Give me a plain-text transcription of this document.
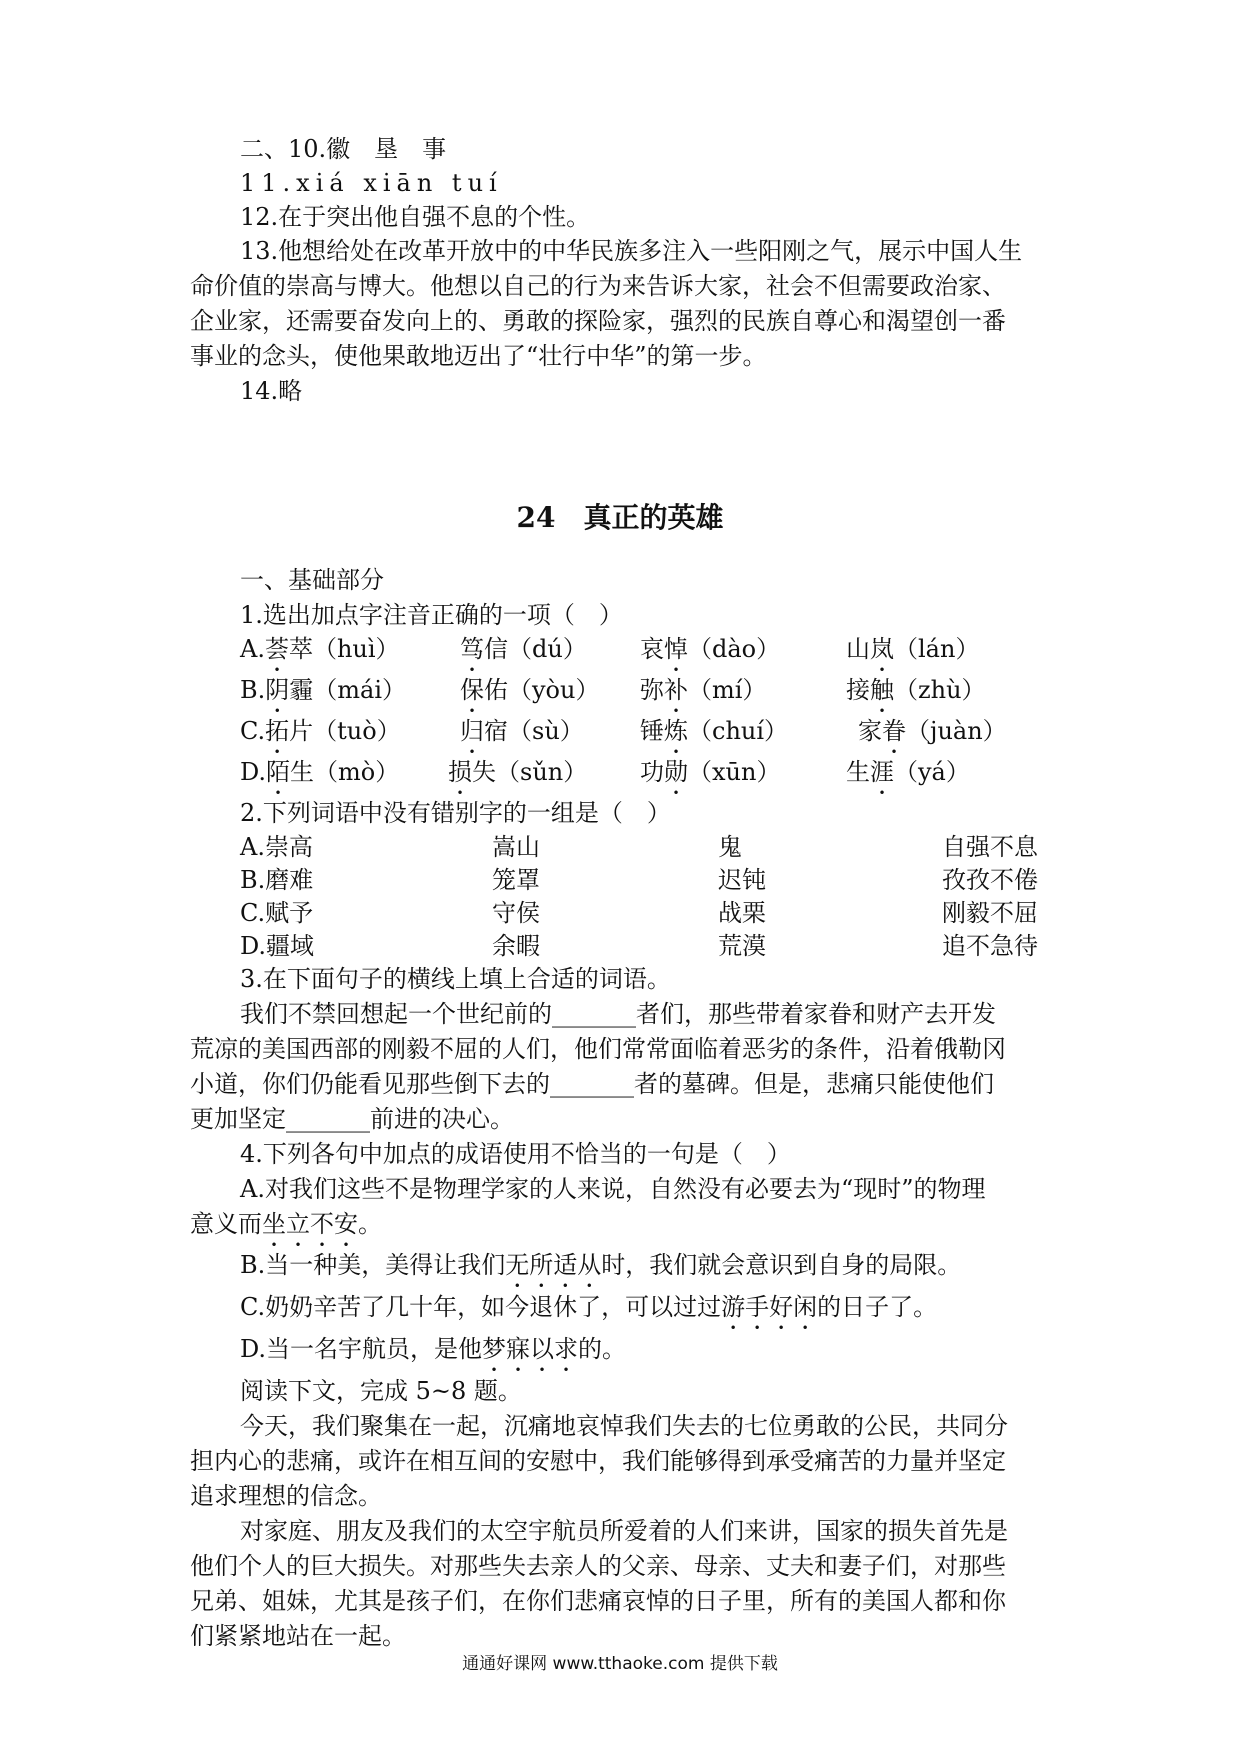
二、10.徽　垦　事
11.xiá xiān tuí
12.在于突出他自强不息的个性。
13.他想给处在改革开放中的中华民族多注入一些阳刚之气，展示中国人生
命价值的崇高与博大。他想以自己的行为来告诉大家，社会不但需要政治家、
企业家，还需要奋发向上的、勇敢的探险家，强烈的民族自尊心和渴望创一番
事业的念头，使他果敢地迈出了“壮行中华”的第一步。
14.略
24　真正的英雄
一、基础部分
1.选出加点字注音正确的一项（　）
A.荟萃（huì）	笃信（dú） 哀悼（dào）	山岚（lán）
B.阴霾（mái） 保佑（yòu） 弥补（mí）	接触（zhù）
C.拓片（tuò） 归宿（sù） 锤炼（chuí）	家眷（juàn）
D.陌生（mò） 损失（sǔn） 功勋（xūn）	生涯（yá）
2.下列词语中没有错别字的一组是（　）
A.崇高	嵩山	鬼	自强不息
B.磨难	笼罩	迟钝	孜孜不倦
C.赋予	守侯	战栗	刚毅不屈
D.疆域	余暇	荒漠	追不急待
3.在下面句子的横线上填上合适的词语。
我们不禁回想起一个世纪前的_______者们，那些带着家眷和财产去开发
荒凉的美国西部的刚毅不屈的人们，他们常常面临着恶劣的条件，沿着俄勒冈
小道，你们仍能看见那些倒下去的_______者的墓碑。但是，悲痛只能使他们
更加坚定_______前进的决心。
4.下列各句中加点的成语使用不恰当的一句是（　）
A.对我们这些不是物理学家的人来说，自然没有必要去为“现时”的物理
意义而坐立不安。
B.当一种美，美得让我们无所适从时，我们就会意识到自身的局限。
C.奶奶辛苦了几十年，如今退休了，可以过过游手好闲的日子了。
D.当一名宇航员，是他梦寐以求的。
阅读下文，完成 5~8 题。
今天，我们聚集在一起，沉痛地哀悼我们失去的七位勇敢的公民，共同分
担内心的悲痛，或许在相互间的安慰中，我们能够得到承受痛苦的力量并坚定
追求理想的信念。
对家庭、朋友及我们的太空宇航员所爱着的人们来讲，国家的损失首先是
他们个人的巨大损失。对那些失去亲人的父亲、母亲、丈夫和妻子们，对那些
兄弟、姐妹，尤其是孩子们，在你们悲痛哀悼的日子里，所有的美国人都和你
们紧紧地站在一起。
通通好课网 www.tthaoke.com 提供下载
